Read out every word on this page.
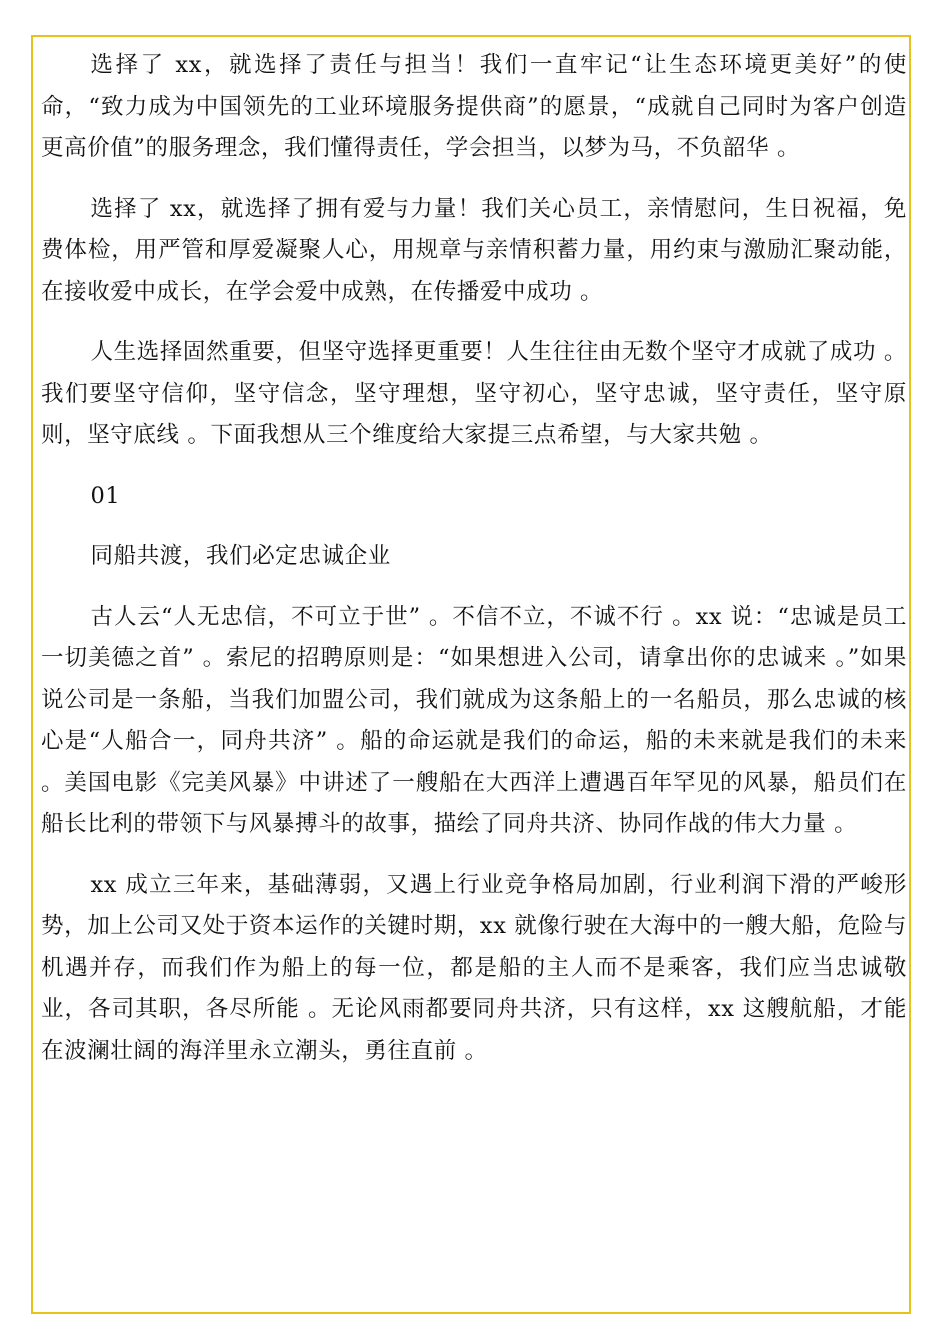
选择了 xx，就选择了责任与担当！我们一直牢记“让生态环境更美好”的使命，“致力成为中国领先的工业环境服务提供商”的愿景，“成就自己同时为客户创造更高价值”的服务理念，我们懂得责任，学会担当，以梦为马，不负韶华 。

选择了 xx，就选择了拥有爱与力量！我们关心员工，亲情慰问，生日祝福，免费体检，用严管和厚爱凝聚人心，用规章与亲情积蓄力量，用约束与激励汇聚动能，在接收爱中成长，在学会爱中成熟，在传播爱中成功 。

人生选择固然重要，但坚守选择更重要！人生往往由无数个坚守才成就了成功 。我们要坚守信仰，坚守信念，坚守理想，坚守初心，坚守忠诚，坚守责任，坚守原则，坚守底线 。下面我想从三个维度给大家提三点希望，与大家共勉 。

01

同船共渡，我们必定忠诚企业

古人云“人无忠信，不可立于世” 。不信不立，不诚不行 。xx 说：“忠诚是员工一切美德之首” 。索尼的招聘原则是：“如果想进入公司，请拿出你的忠诚来 。”如果说公司是一条船，当我们加盟公司，我们就成为这条船上的一名船员，那么忠诚的核心是“人船合一，同舟共济” 。船的命运就是我们的命运，船的未来就是我们的未来 。美国电影《完美风暴》中讲述了一艘船在大西洋上遭遇百年罕见的风暴，船员们在船长比利的带领下与风暴搏斗的故事，描绘了同舟共济、协同作战的伟大力量 。

xx 成立三年来，基础薄弱，又遇上行业竞争格局加剧，行业利润下滑的严峻形势，加上公司又处于资本运作的关键时期，xx 就像行驶在大海中的一艘大船，危险与机遇并存，而我们作为船上的每一位，都是船的主人而不是乘客，我们应当忠诚敬业，各司其职，各尽所能 。无论风雨都要同舟共济，只有这样，xx 这艘航船，才能在波澜壮阔的海洋里永立潮头，勇往直前 。
